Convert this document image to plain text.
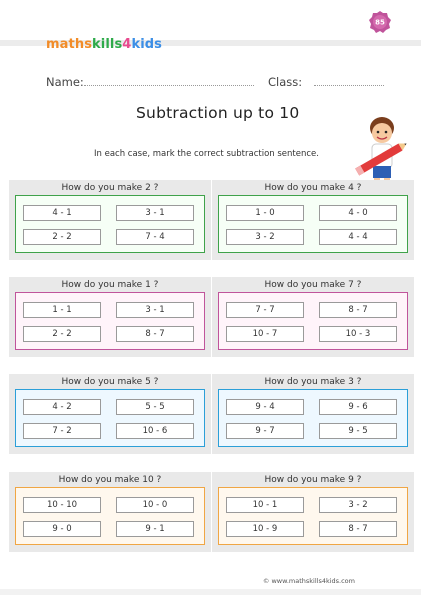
maths kills 4 kids
85
Name:	Class:
Subtraction up to 10
In each case, mark the correct subtraction sentence.
How do you make 2 ?
4 - 1	3 - 1
2 - 2	7 - 4
How do you make 4 ?
1 - 0	4 - 0
3 - 2	4 - 4
How do you make 1 ?
1 - 1	3 - 1
2 - 2	8 - 7
How do you make 7 ?
7 - 7	8 - 7
10 - 7	10 - 3
How do you make 5 ?
4 - 2	5 - 5
7 - 2	10 - 6
How do you make 3 ?
9 - 4	9 - 6
9 - 7	9 - 5
How do you make 10 ?
10 - 10	10 - 0
9 - 0	9 - 1
How do you make 9 ?
10 - 1	3 - 2
10 - 9	8 - 7
© www.mathskills4kids.com
